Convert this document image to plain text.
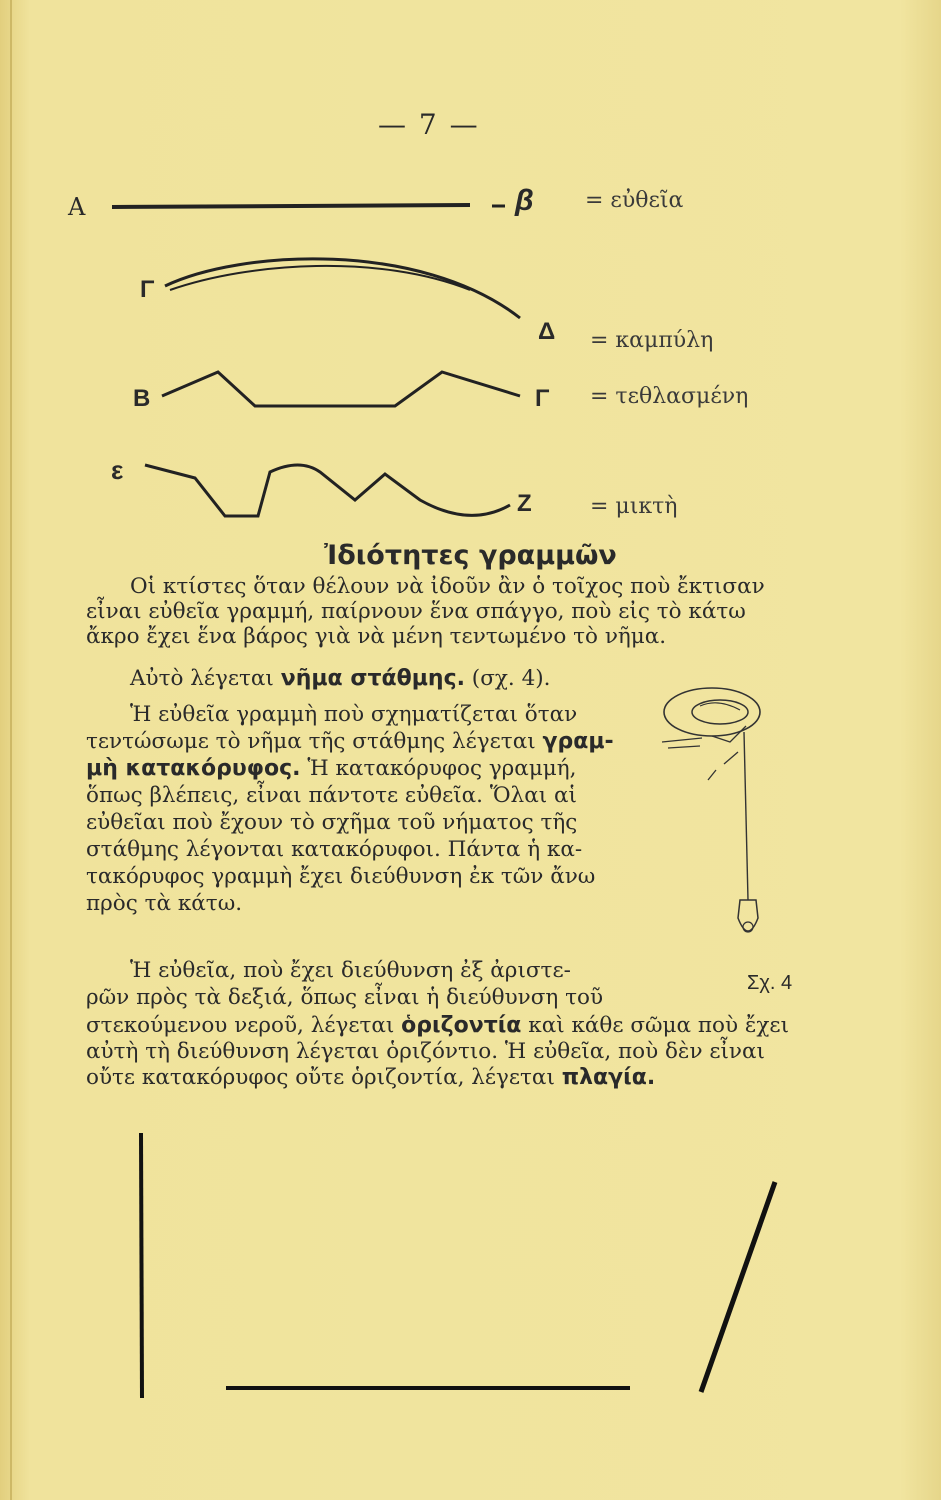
— 7 —
A	β = εὐθεῖα
Γ
Δ = καμπύλη
Β	Γ = τεθλασμένη
ε
Ζ	= μικτὴ
Ἰδιότητες γραμμῶν
Οἱ κτίστες ὅταν θέλουν νὰ ἰδοῦν ἂν ὁ τοῖχος ποὺ ἔκτισαν
εἶναι εὐθεῖα γραμμή, παίρνουν ἕνα σπάγγο, ποὺ εἰς τὸ κάτω
ἄκρο ἔχει ἕνα βάρος γιὰ νὰ μένη τεντωμένο τὸ νῆμα.
Αὐτὸ λέγεται νῆμα στάθμης. (σχ. 4).
Ἡ εὐθεῖα γραμμὴ ποὺ σχηματίζεται ὅταν
τεντώσωμε τὸ νῆμα τῆς στάθμης λέγεται γραμ-
μὴ κατακόρυφος. Ἡ κατακόρυφος γραμμή,
ὅπως βλέπεις, εἶναι πάντοτε εὐθεῖα. Ὅλαι αἱ
εὐθεῖαι ποὺ ἔχουν τὸ σχῆμα τοῦ νήματος τῆς
στάθμης λέγονται κατακόρυφοι. Πάντα ἡ κα-
τακόρυφος γραμμὴ ἔχει διεύθυνση ἐκ τῶν ἄνω
πρὸς τὰ κάτω.
Ἡ εὐθεῖα, ποὺ ἔχει διεύθυνση ἐξ ἀριστε-
ρῶν πρὸς τὰ δεξιά, ὅπως εἶναι ἡ διεύθυνση τοῦ
στεκούμενου νεροῦ, λέγεται ὁριζοντία καὶ κάθε σῶμα ποὺ ἔχει
αὐτὴ τὴ διεύθυνση λέγεται ὁριζόντιο. Ἡ εὐθεῖα, ποὺ δὲν εἶναι
οὔτε κατακόρυφος οὔτε ὁριζοντία, λέγεται πλαγία.
Σχ. 4
